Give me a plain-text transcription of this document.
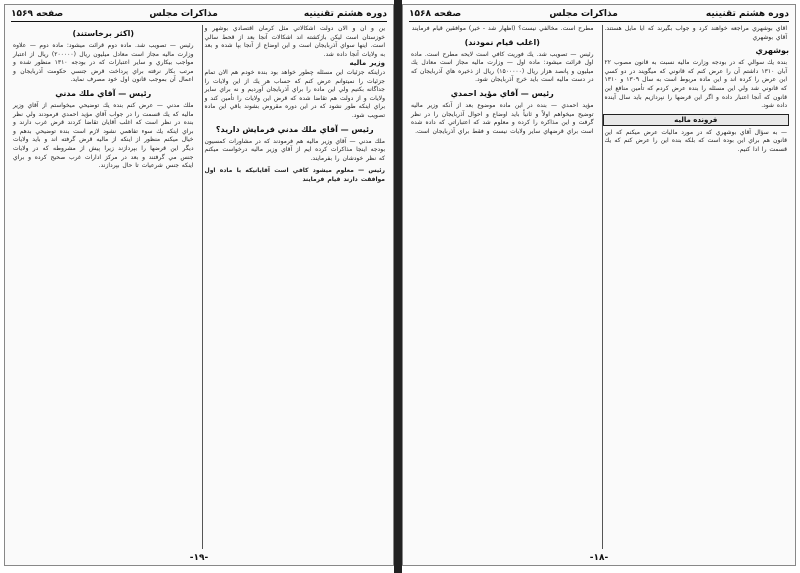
دوره هشتم تقنينيه
مذاكرات مجلس
صفحه ۱۵۶۹
ين و آن و الان دولت اشكالاتي مثل كرمان اقتصادي بوشهر و خوزستان است ليكن بازكشته اند اشكالات آنجا بعد از قحط سالي است. اينها سواي آذربايجان است و اين اوضاع از آنجا بپا شده و بعد به ولايات آنجا داده شد.
وزير ماليه
دراينكه جزئيات اين مسئله چطور خواهد بود بنده خودم هم الان تمام جزئيات را نميتوانم عرض كنم كه حساب هر يك از اين ولايات را جداگانه بكنيم ولي اين ماده را براي آذربايجان آورديم و نه براي ساير ولايات و از دولت هم تقاضا شده كه قرض اين ولايات را تأمين كند و براي اينكه طور نشود كه در اين دوره مقروض بشوند باقي اين ماده تصويب شود.
رئيس — آقاي ملك مدني فرمايش داريد؟
ملك مدني — آقاي وزير ماليه هم فرمودند كه در مشاورات كمسيون بودجه اينجا مذاكرات كرده ايم از آقاي وزير ماليه درخواست ميكنم كه نظر خودشان را بفرمايند.
رئيس — معلوم ميشود كافي است آقايانيكه با ماده اول موافقت دارند قيام فرمايند
(اكثر برخاستند)
رئيس — تصويب شد. ماده دوم قرائت ميشود: ماده دوم — علاوه وزارت ماليه مجاز است معادل ميليون ريال (۲۰۰۰۰۰) ريال از اعتبار مواجب بيكاري و ساير اعتبارات كه در بودجه ۱۳۱۰ منظور شده و مرتب بكار نرفته براي پرداخت قرض جنسي حكومت آذربايجان و اعمال آن بموجب قانون اول خود مصرف نمايد.
رئيس — آقاي ملك مدني
ملك مدني — عرض كنم بنده يك توضيحي ميخواستم از آقاي وزير ماليه كه يك قسمت را در جواب آقاي مؤيد احمدي فرمودند ولي نظر بنده در نظر است كه اغلب آقايان تقاضا كردند قرض غرب دارند و براي اينكه يك سوء تفاهمي نشود لازم است بنده توضيحي بدهم و خيال ميكنم منظور از اينكه از ماليه قرض گرفته اند و بايد ولايات ديگر اين قرضها را بپردازند زيرا پيش از مشروطه كه در ولايات جنس مي گرفتند و بعد در مركز ادارات غرب صحيح كرده و براي اينكه جنس شرعيات تا حال بپردازند.
-۱۹-
دوره هشتم تقنينيه
مذاكرات مجلس
صفحه ۱۵۶۸
آقاي بوشهري مراجعه خواهند كرد و جواب بگيرند كه آيا مايل هستند. آقاي بوشهري
بوشهري
بنده يك سوالي كه در بودجه وزارت ماليه نسبت به قانون مصوب ۲۲ آبان ۱۳۱۰ داشتم آن را عرض كنم كه قانوني كه ميگويند در دو كسي اين عرض را كرده اند و اين ماده مربوط است به سال ۱۳۰۹ و ۱۳۱۰ كه قانوني شد ولي اين مسئله را بنده عرض كردم كه تأمين منافع اين قانون كه آنجا اعتبار داده و اگر اين قرضها را نپردازيم بايد سال آينده داده شود.
فرونده ماليه
— به سؤال آقاي بوشهري كه در مورد ماليات عرض ميكنم كه اين قانون هم براي اين بوده است كه بلكه بنده اين را عرض كنم كه يك قسمت را ادا كنيم.
مطرح است. مخالفي نيست؟ (اظهار شد - خير) موافقين قيام فرمايند
(اغلب قيام نمودند)
رئيس — تصويب شد. يك فوريت كافي است لايحه مطرح است. ماده اول قرائت ميشود: ماده اول — وزارت ماليه مجاز است معادل يك ميليون و پانصد هزار ريال (۱۵۰۰۰۰۰) ريال از ذخيره هاي آذربايجان كه در دست ماليه است بايد خرج آذربايجان شود.
رئيس — آقاي مؤيد احمدي
مؤيد احمدي — بنده در اين ماده موضوع بعد از آنكه وزير ماليه توضيح ميخواهم اولاً و ثانياً بايد اوضاع و احوال آذربايجان را در نظر گرفت و اين مذاكره را كرده و معلوم شد كه اعتباراتي كه داده شده است براي قرضهاي ساير ولايات نيست و فقط براي آذربايجان است.
-۱۸-
